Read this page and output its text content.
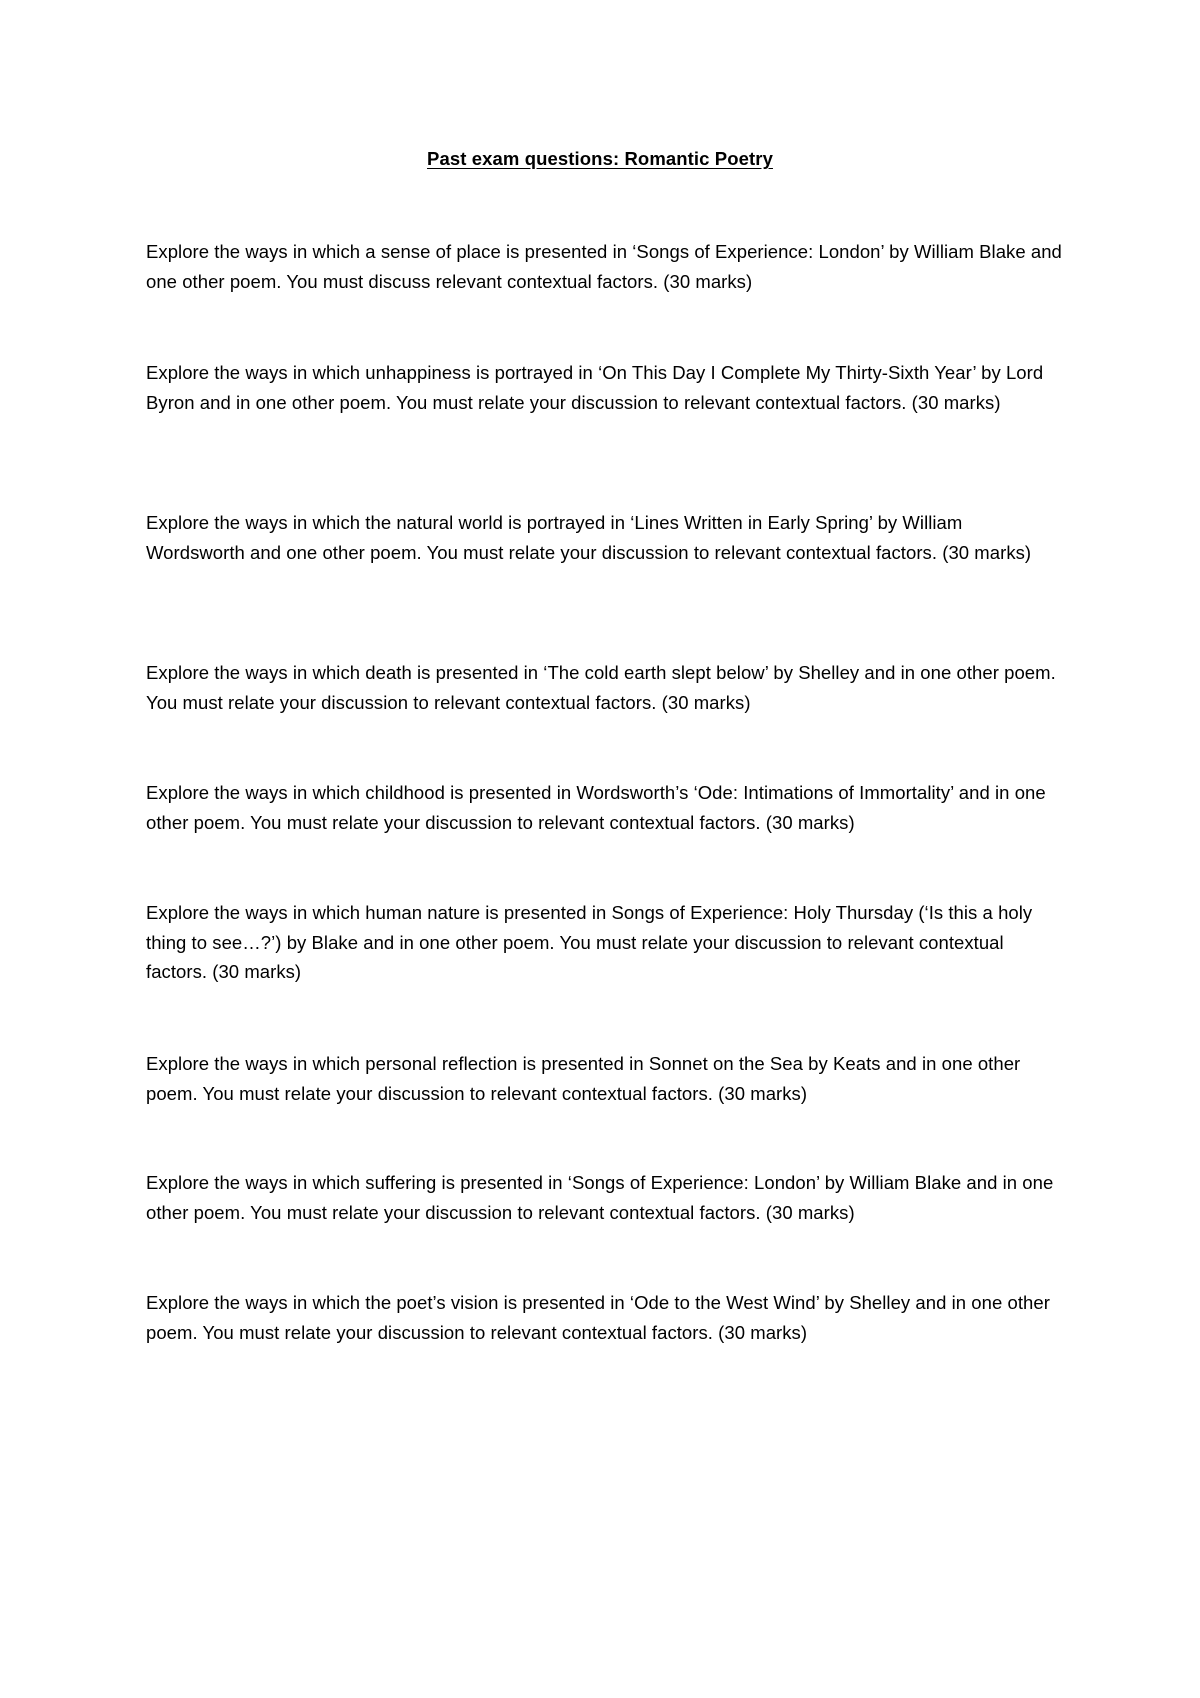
Past exam questions: Romantic Poetry

Explore the ways in which a sense of place is presented in ‘Songs of Experience: London’ by William Blake and one other poem. You must discuss relevant contextual factors. (30 marks)

Explore the ways in which unhappiness is portrayed in ‘On This Day I Complete My Thirty-Sixth Year’ by Lord Byron and in one other poem. You must relate your discussion to relevant contextual factors. (30 marks)

Explore the ways in which the natural world is portrayed in ‘Lines Written in Early Spring’ by William Wordsworth and one other poem. You must relate your discussion to relevant contextual factors. (30 marks)

Explore the ways in which death is presented in ‘The cold earth slept below’ by Shelley and in one other poem. You must relate your discussion to relevant contextual factors. (30 marks)

Explore the ways in which childhood is presented in Wordsworth’s ‘Ode: Intimations of Immortality’ and in one other poem. You must relate your discussion to relevant contextual factors. (30 marks)

Explore the ways in which human nature is presented in Songs of Experience: Holy Thursday (‘Is this a holy thing to see…?’) by Blake and in one other poem. You must relate your discussion to relevant contextual factors. (30 marks)

Explore the ways in which personal reflection is presented in Sonnet on the Sea by Keats and in one other poem. You must relate your discussion to relevant contextual factors. (30 marks)

Explore the ways in which suffering is presented in ‘Songs of Experience: London’ by William Blake and in one other poem. You must relate your discussion to relevant contextual factors. (30 marks)

Explore the ways in which the poet’s vision is presented in ‘Ode to the West Wind’ by Shelley and in one other poem. You must relate your discussion to relevant contextual factors. (30 marks)
